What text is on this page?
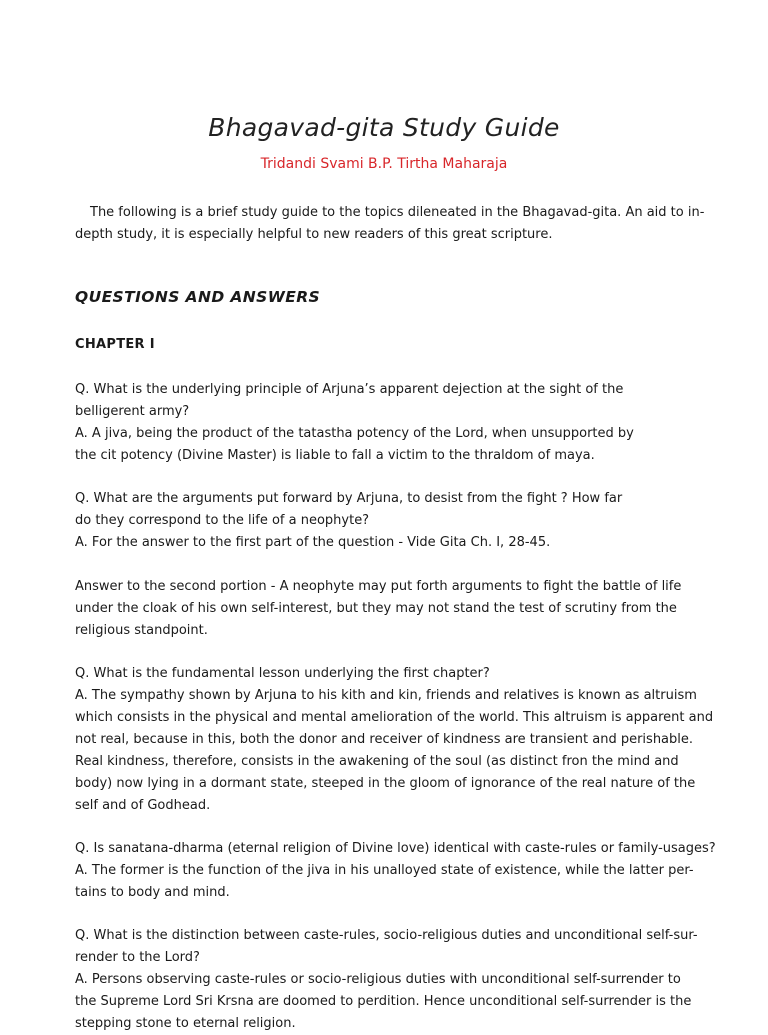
Bhagavad-gita Study Guide
Tridandi Svami B.P. Tirtha Maharaja

The following is a brief study guide to the topics dileneated in the Bhagavad-gita. An aid to in-
depth study, it is especially helpful to new readers of this great scripture.

QUESTIONS AND ANSWERS
CHAPTER I
Q. What is the underlying principle of Arjuna’s apparent dejection at the sight of the
belligerent army?
A. A jiva, being the product of the tatastha potency of the Lord, when unsupported by
the cit potency (Divine Master) is liable to fall a victim to the thraldom of maya.
Q. What are the arguments put forward by Arjuna, to desist from the fight ? How far
do they correspond to the life of a neophyte?
A. For the answer to the first part of the question - Vide Gita Ch. I, 28-45.
Answer to the second portion - A neophyte may put forth arguments to fight the battle of life
under the cloak of his own self-interest, but they may not stand the test of scrutiny from the
religious standpoint.
Q. What is the fundamental lesson underlying the first chapter?
A. The sympathy shown by Arjuna to his kith and kin, friends and relatives is known as altruism
which consists in the physical and mental amelioration of the world. This altruism is apparent and
not real, because in this, both the donor and receiver of kindness are transient and perishable.
Real kindness, therefore, consists in the awakening of the soul (as distinct fron the mind and
body) now lying in a dormant state, steeped in the gloom of ignorance of the real nature of the
self and of Godhead.
Q. Is sanatana-dharma (eternal religion of Divine love) identical with caste-rules or family-usages?
A. The former is the function of the jiva in his unalloyed state of existence, while the latter per-
tains to body and mind.
Q. What is the distinction between caste-rules, socio-religious duties and unconditional self-sur-
render to the Lord?
A. Persons observing caste-rules or socio-religious duties with unconditional self-surrender to
the Supreme Lord Sri Krsna are doomed to perdition. Hence unconditional self-surrender is the
stepping stone to eternal religion.
